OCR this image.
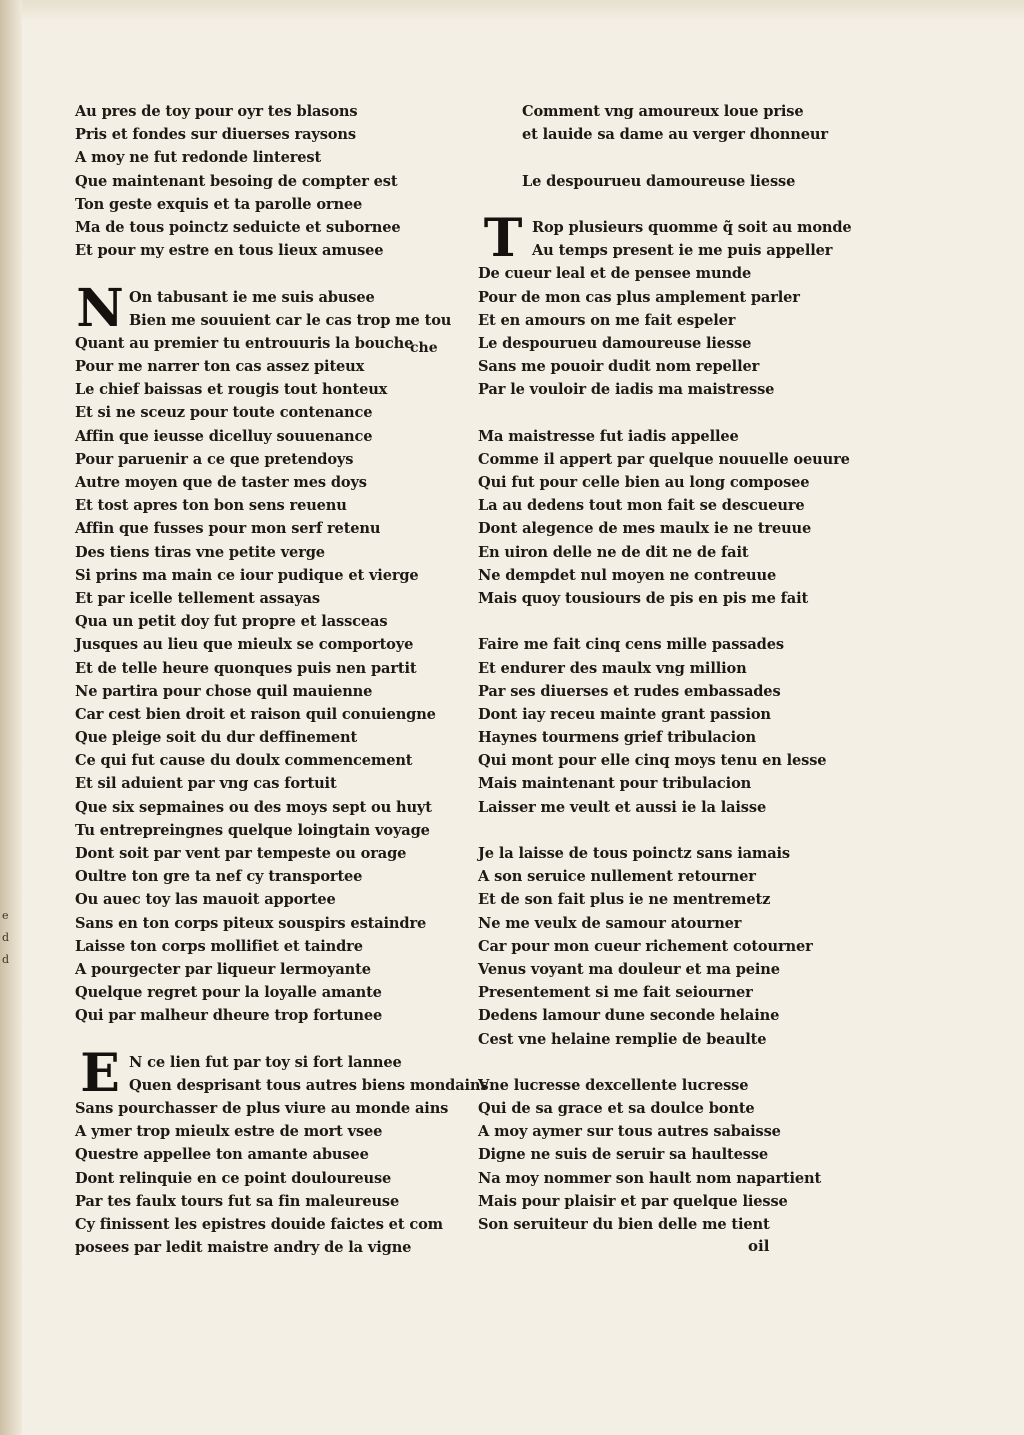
e
d
d
Au pres de toy pour oyr tes blasons
Pris et fondes sur diuerses raysons
A moy ne fut redonde linterest
Que maintenant besoing de compter est
Ton geste exquis et ta parolle ornee
Ma de tous poinctz seduicte et subornee
Et pour my estre en tous lieux amusee
N On tabusant ie me suis abusee
Bien me souuient car le cas trop me tou
Quant au premier tu entrouuris la bouche
Pour me narrer ton cas assez piteux
Le chief baissas et rougis tout honteux
Et si ne sceuz pour toute contenance
Affin que ieusse dicelluy souuenance
Pour paruenir a ce que pretendoys
Autre moyen que de taster mes doys
Et tost apres ton bon sens reuenu
Affin que fusses pour mon serf retenu
Des tiens tiras vne petite verge
Si prins ma main ce iour pudique et vierge
Et par icelle tellement assayas
Qua un petit doy fut propre et lassceas
Jusques au lieu que mieulx se comportoye
Et de telle heure quonques puis nen partit
Ne partira pour chose quil mauienne
Car cest bien droit et raison quil conuiengne
Que pleige soit du dur deffinement
Ce qui fut cause du doulx commencement
Et sil aduient par vng cas fortuit
Que six sepmaines ou des moys sept ou huyt
Tu entrepreingnes quelque loingtain voyage
Dont soit par vent par tempeste ou orage
Oultre ton gre ta nef cy transportee
Ou auec toy las mauoit apportee
Sans en ton corps piteux souspirs estaindre
Laisse ton corps mollifiet et taindre
A pourgecter par liqueur lermoyante
Quelque regret pour la loyalle amante
Qui par malheur dheure trop fortunee
E N ce lien fut par toy si fort lannee
Quen desprisant tous autres biens mondains
Sans pourchasser de plus viure au monde ains
A ymer trop mieulx estre de mort vsee
Questre appellee ton amante abusee
Dont relinquie en ce point douloureuse
Par tes faulx tours fut sa fin maleureuse
Cy finissent les epistres douide faictes et com
posees par ledit maistre andry de la vigne
che
Comment vng amoureux loue prise
et lauide sa dame au verger dhonneur
Le despourueu damoureuse liesse
T Rop plusieurs quomme q̃ soit au monde
Au temps present ie me puis appeller
De cueur leal et de pensee munde
Pour de mon cas plus amplement parler
Et en amours on me fait espeler
Le despourueu damoureuse liesse
Sans me pouoir dudit nom repeller
Par le vouloir de iadis ma maistresse
Ma maistresse fut iadis appellee
Comme il appert par quelque nouuelle oeuure
Qui fut pour celle bien au long composee
La au dedens tout mon fait se descueure
Dont alegence de mes maulx ie ne treuue
En uiron delle ne de dit ne de fait
Ne dempdet nul moyen ne contreuue
Mais quoy tousiours de pis en pis me fait
Faire me fait cinq cens mille passades
Et endurer des maulx vng million
Par ses diuerses et rudes embassades
Dont iay receu mainte grant passion
Haynes tourmens grief tribulacion
Qui mont pour elle cinq moys tenu en lesse
Mais maintenant pour tribulacion
Laisser me veult et aussi ie la laisse
Je la laisse de tous poinctz sans iamais
A son seruice nullement retourner
Et de son fait plus ie ne mentremetz
Ne me veulx de samour atourner
Car pour mon cueur richement cotourner
Venus voyant ma douleur et ma peine
Presentement si me fait seiourner
Dedens lamour dune seconde helaine
Cest vne helaine remplie de beaulte
Vne lucresse dexcellente lucresse
Qui de sa grace et sa doulce bonte
A moy aymer sur tous autres sabaisse
Digne ne suis de seruir sa haultesse
Na moy nommer son hault nom napartient
Mais pour plaisir et par quelque liesse
Son seruiteur du bien delle me tient
oil
